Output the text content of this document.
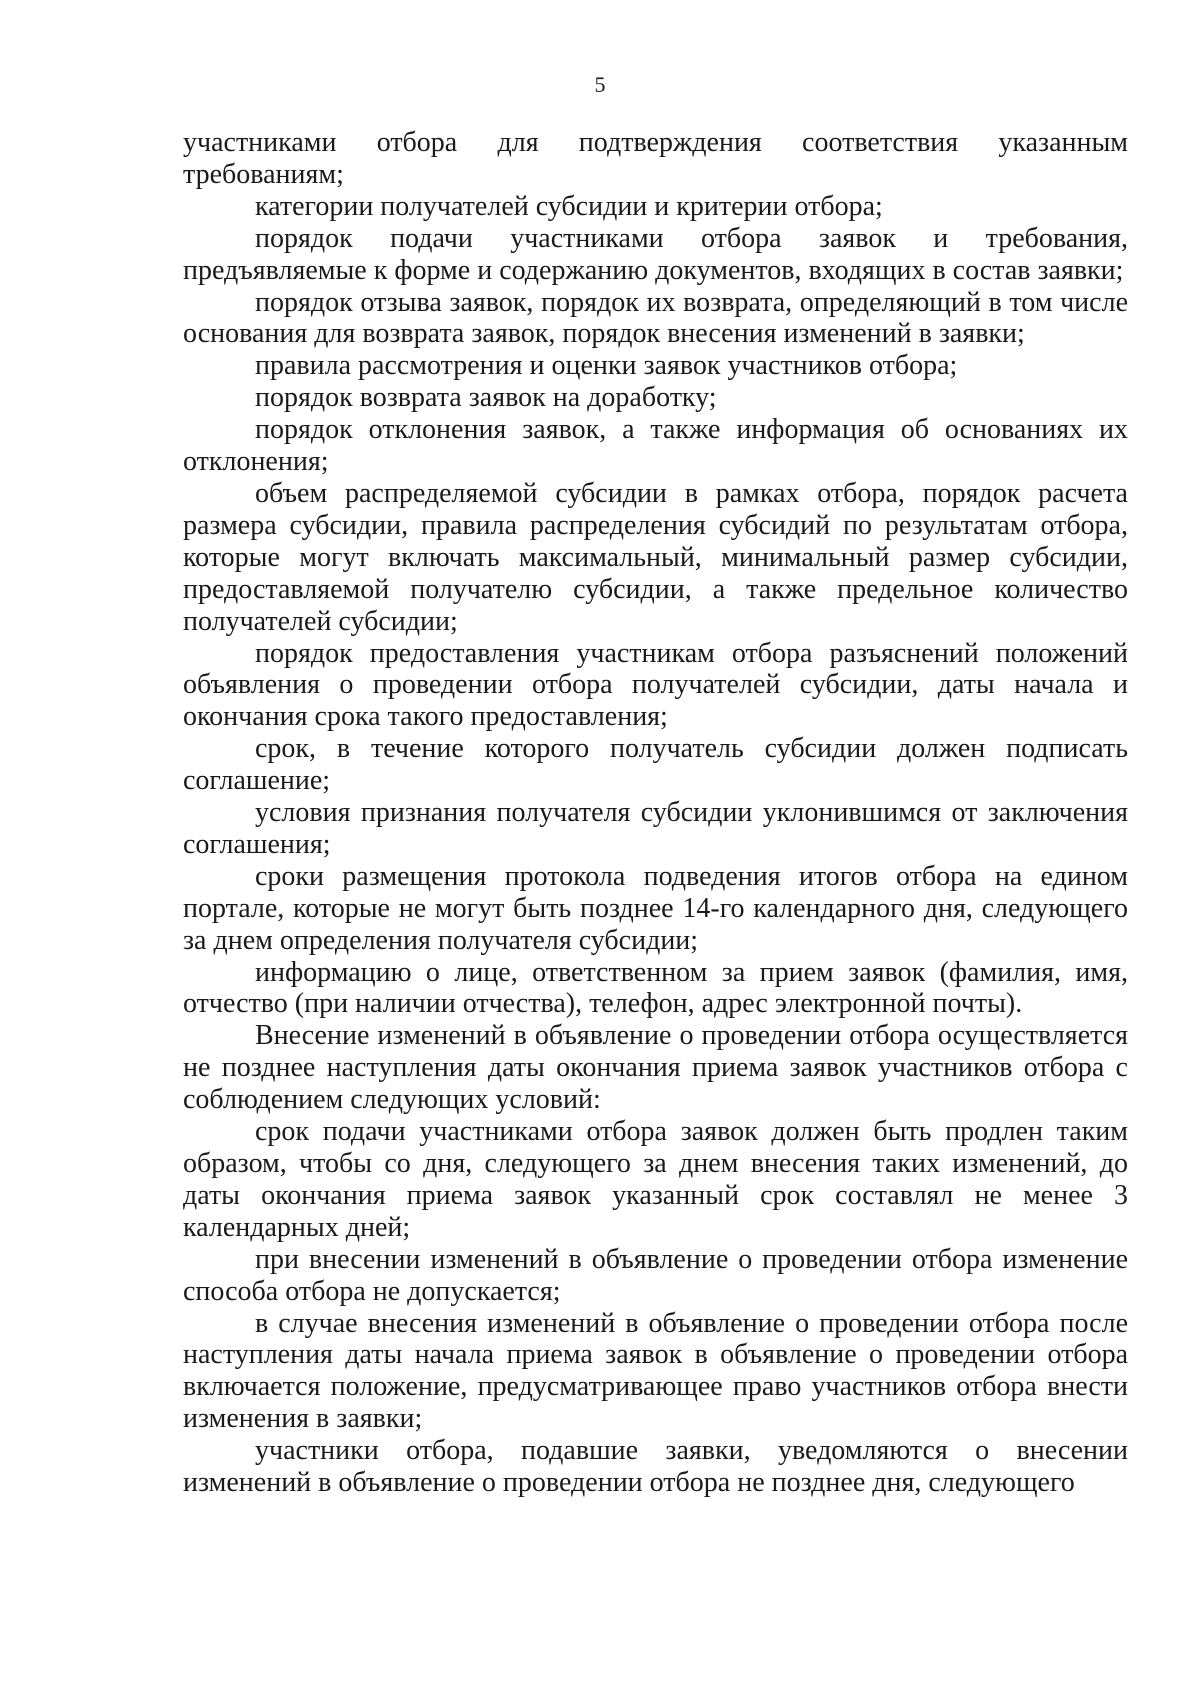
5

участниками отбора для подтверждения соответствия указанным требованиям;

категории получателей субсидии и критерии отбора;

порядок подачи участниками отбора заявок и требования, предъявляемые к форме и содержанию документов, входящих в состав заявки;

порядок отзыва заявок, порядок их возврата, определяющий в том числе основания для возврата заявок, порядок внесения изменений в заявки;

правила рассмотрения и оценки заявок участников отбора;

порядок возврата заявок на доработку;

порядок отклонения заявок, а также информация об основаниях их отклонения;

объем распределяемой субсидии в рамках отбора, порядок расчета размера субсидии, правила распределения субсидий по результатам отбора, которые могут включать максимальный, минимальный размер субсидии, предоставляемой получателю субсидии, а также предельное количество получателей субсидии;

порядок предоставления участникам отбора разъяснений положений объявления о проведении отбора получателей субсидии, даты начала и окончания срока такого предоставления;

срок, в течение которого получатель субсидии должен подписать соглашение;

условия признания получателя субсидии уклонившимся от заключения соглашения;

сроки размещения протокола подведения итогов отбора на едином портале, которые не могут быть позднее 14-го календарного дня, следующего за днем определения получателя субсидии;

информацию о лице, ответственном за прием заявок (фамилия, имя, отчество (при наличии отчества), телефон, адрес электронной почты).

Внесение изменений в объявление о проведении отбора осуществляется не позднее наступления даты окончания приема заявок участников отбора с соблюдением следующих условий:

срок подачи участниками отбора заявок должен быть продлен таким образом, чтобы со дня, следующего за днем внесения таких изменений, до даты окончания приема заявок указанный срок составлял не менее 3 календарных дней;

при внесении изменений в объявление о проведении отбора изменение способа отбора не допускается;

в случае внесения изменений в объявление о проведении отбора после наступления даты начала приема заявок в объявление о проведении отбора включается положение, предусматривающее право участников отбора внести изменения в заявки;

участники отбора, подавшие заявки, уведомляются о внесении изменений в объявление о проведении отбора не позднее дня, следующего
